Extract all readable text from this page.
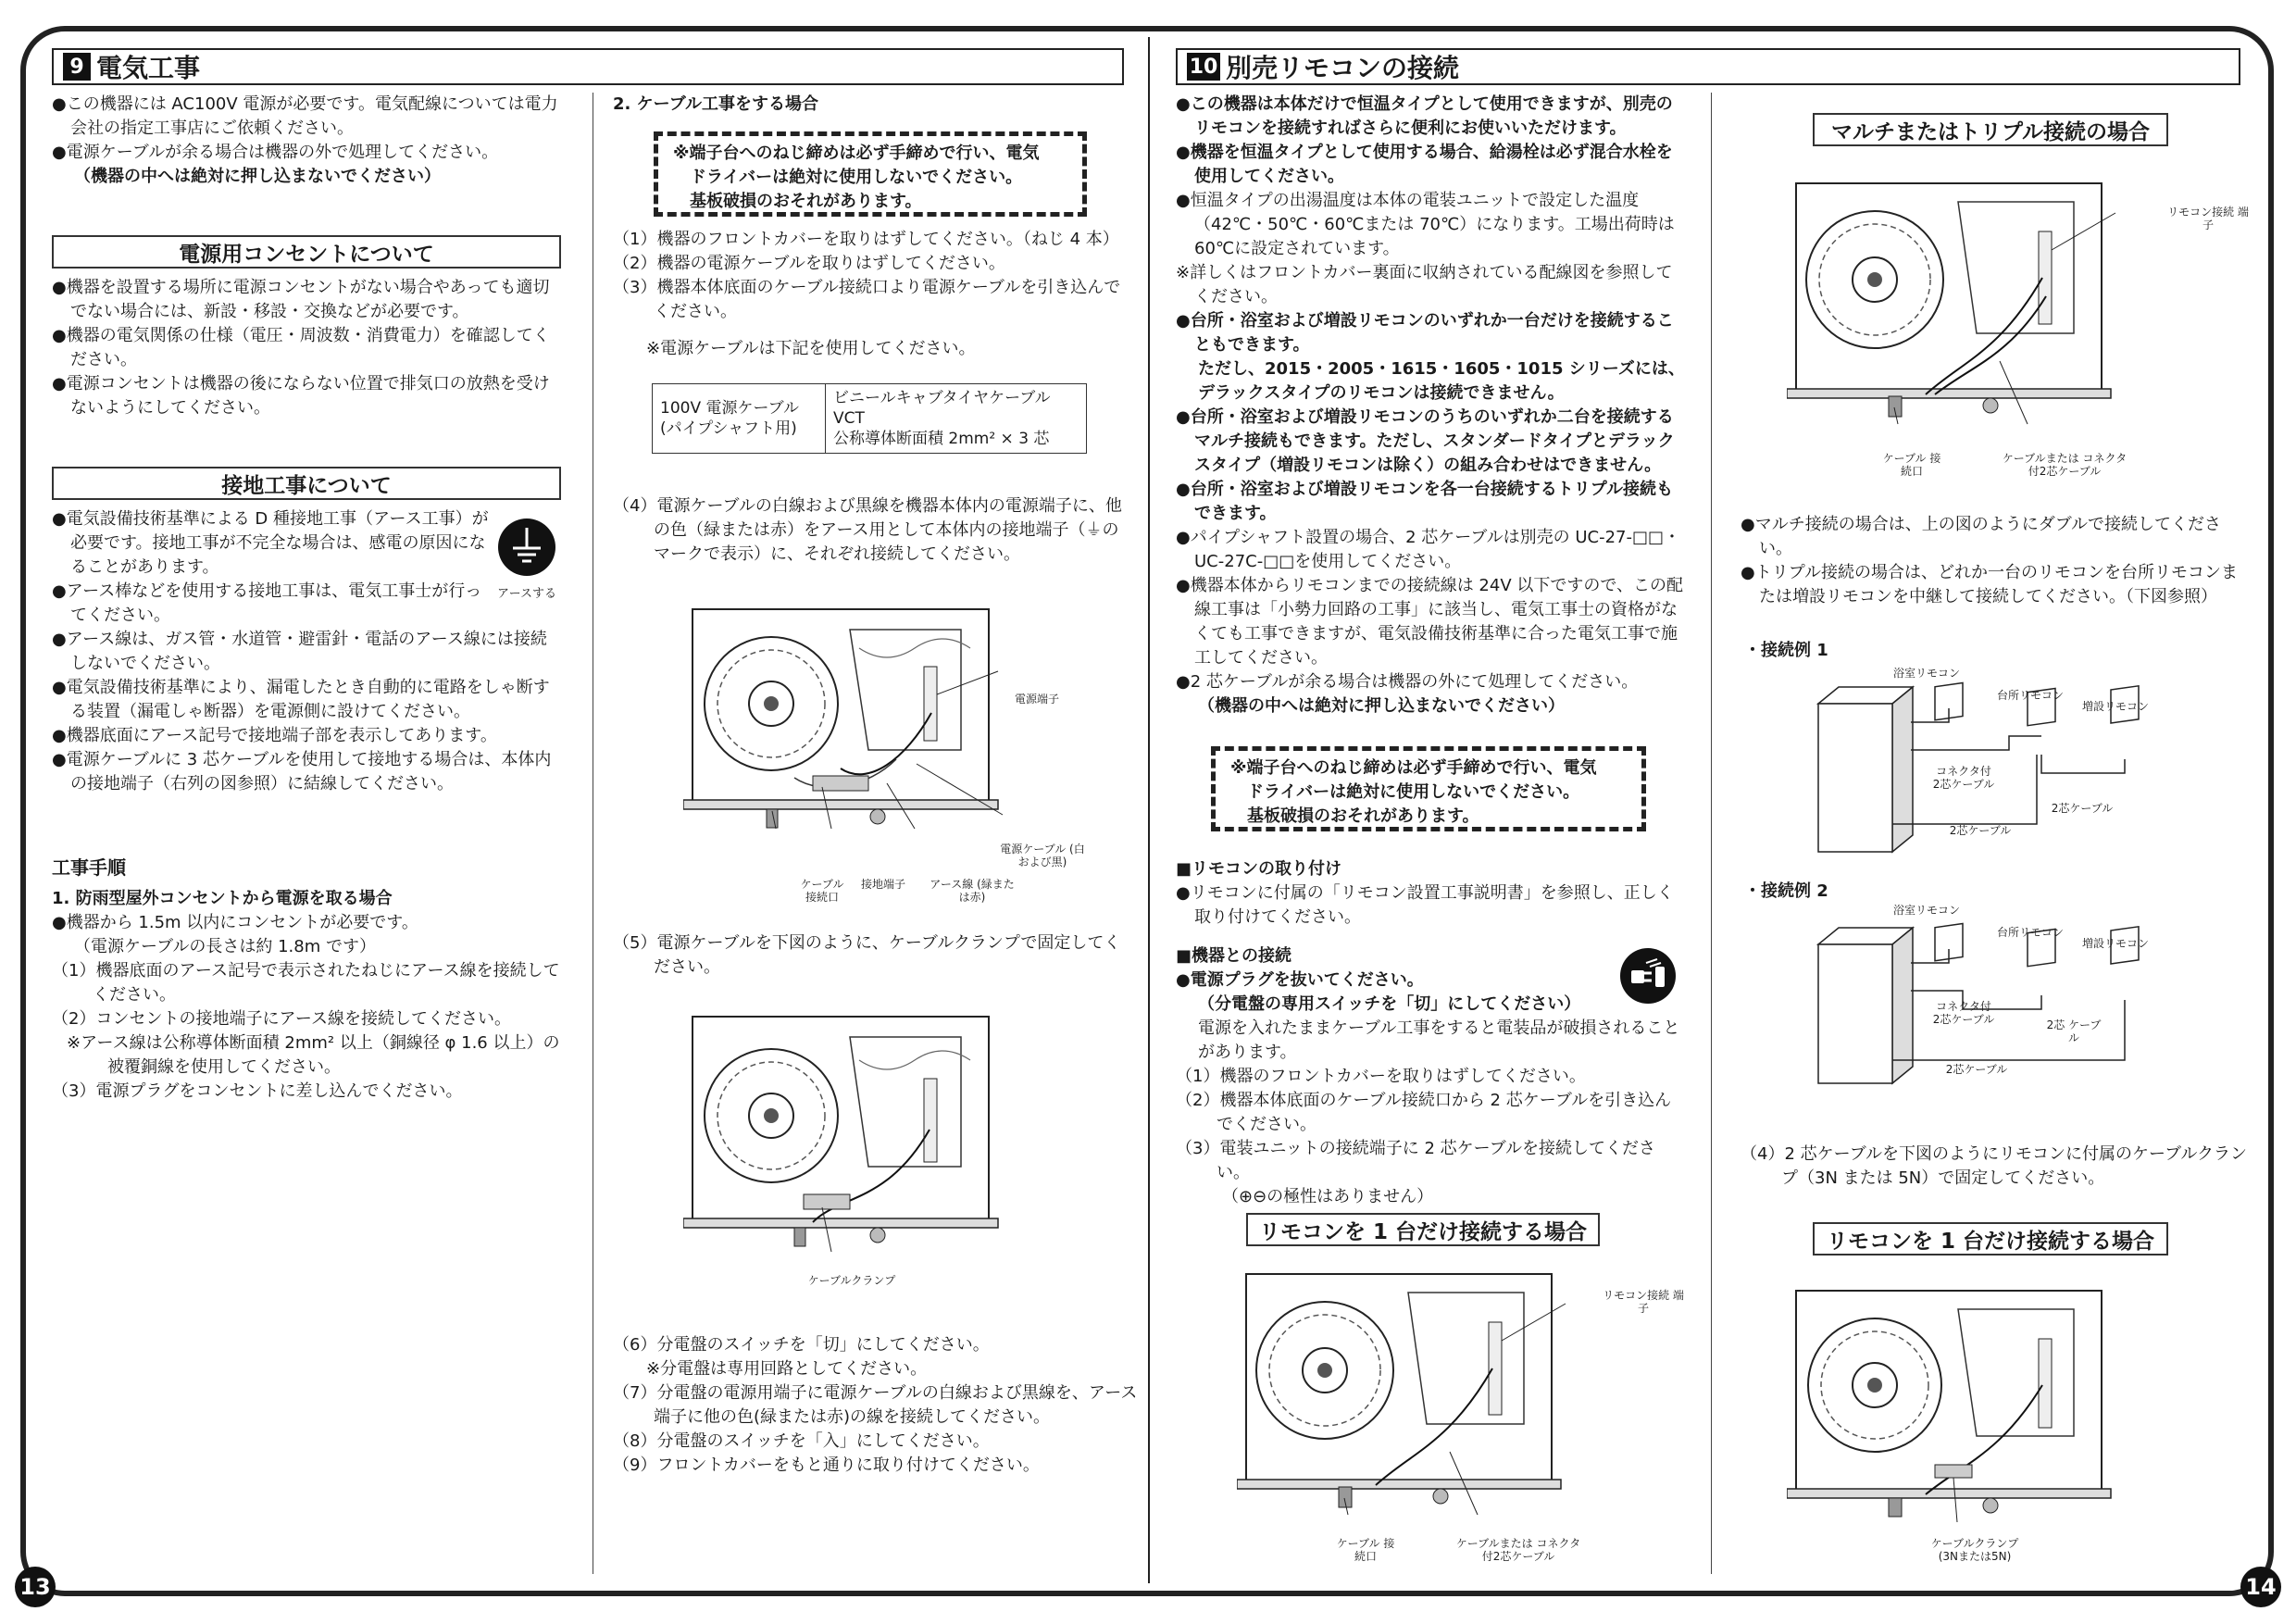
13	14
9 電気工事

●この機器には AC100V 電源が必要です。電気配線については電力会社の指定工事店にご依頼ください。

●電源ケーブルが余る場合は機器の外で処理してください。

（機器の中へは絶対に押し込まないでください）

電源用コンセントについて

●機器を設置する場所に電源コンセントがない場合やあっても適切でない場合には、新設・移設・交換などが必要です。

●機器の電気関係の仕様（電圧・周波数・消費電力）を確認してください。

●電源コンセントは機器の後にならない位置で排気口の放熱を受けないようにしてください。

接地工事について

●電気設備技術基準による D 種接地工事（アース工事）が必要です。接地工事が不完全な場合は、感電の原因になることがあります。

●アース棒などを使用する接地工事は、電気工事士が行ってください。

●アース線は、ガス管・水道管・避雷針・電話のアース線には接続しないでください。

●電気設備技術基準により、漏電したとき自動的に電路をしゃ断する装置（漏電しゃ断器）を電源側に設けてください。

●機器底面にアース記号で接地端子部を表示してあります。

●電源ケーブルに 3 芯ケーブルを使用して接地する場合は、本体内の接地端子（右列の図参照）に結線してください。

アースする

工事手順

1. 防雨型屋外コンセントから電源を取る場合

●機器から 1.5m 以内にコンセントが必要です。

（電源ケーブルの長さは約 1.8m です）

（1）機器底面のアース記号で表示されたねじにアース線を接続してください。

（2）コンセントの接地端子にアース線を接続してください。

※アース線は公称導体断面積 2mm² 以上（銅線径 φ 1.6 以上）の被覆銅線を使用してください。

（3）電源プラグをコンセントに差し込んでください。

2. ケーブル工事をする場合

※端子台へのねじ締めは必ず手締めで行い、電気
ドライバーは絶対に使用しないでください。
基板破損のおそれがあります。

（1）機器のフロントカバーを取りはずしてください。（ねじ 4 本）

（2）機器の電源ケーブルを取りはずしてください。

（3）機器本体底面のケーブル接続口より電源ケーブルを引き込んでください。

※電源ケーブルは下記を使用してください。

100V 電源ケーブル
(パイプシャフト用)

ビニールキャブタイヤケーブル
VCT
公称導体断面積 2mm² × 3 芯

（4）電源ケーブルの白線および黒線を機器本体内の電源端子に、他の色（緑または赤）をアース用として本体内の接地端子（⏚のマークで表示）に、それぞれ接続してください。

電源端子
電源ケーブル (白および黒)
ケーブル 接続口
接地端子	アース線 (緑または赤)

（5）電源ケーブルを下図のように、ケーブルクランプで固定してください。

ケーブルクランプ

（6）分電盤のスイッチを「切」にしてください。

※分電盤は専用回路としてください。

（7）分電盤の電源用端子に電源ケーブルの白線および黒線を、アース端子に他の色(緑または赤)の線を接続してください。

（8）分電盤のスイッチを「入」にしてください。

（9）フロントカバーをもと通りに取り付けてください。

10 別売リモコンの接続

●この機器は本体だけで恒温タイプとして使用できますが、別売のリモコンを接続すればさらに便利にお使いいただけます。

●機器を恒温タイプとして使用する場合、給湯栓は必ず混合水栓を使用してください。

●恒温タイプの出湯温度は本体の電装ユニットで設定した温度（42℃・50℃・60℃または 70℃）になります。工場出荷時は 60℃に設定されています。

※詳しくはフロントカバー裏面に収納されている配線図を参照してください。

●台所・浴室および増設リモコンのいずれか一台だけを接続することもできます。

ただし、2015・2005・1615・1605・1015 シリーズには、デラックスタイプのリモコンは接続できません。

●台所・浴室および増設リモコンのうちのいずれか二台を接続するマルチ接続もできます。ただし、スタンダードタイプとデラックスタイプ（増設リモコンは除く）の組み合わせはできません。

●台所・浴室および増設リモコンを各一台接続するトリプル接続もできます。

●パイプシャフト設置の場合、2 芯ケーブルは別売の UC-27-□□・UC-27C-□□を使用してください。

●機器本体からリモコンまでの接続線は 24V 以下ですので、この配線工事は「小勢力回路の工事」に該当し、電気工事士の資格がなくても工事できますが、電気設備技術基準に合った電気工事で施工してください。

●2 芯ケーブルが余る場合は機器の外にて処理してください。

（機器の中へは絶対に押し込まないでください）

※端子台へのねじ締めは必ず手締めで行い、電気
ドライバーは絶対に使用しないでください。
基板破損のおそれがあります。

■リモコンの取り付け

●リモコンに付属の「リモコン設置工事説明書」を参照し、正しく取り付けてください。

■機器との接続

●電源プラグを抜いてください。

（分電盤の専用スイッチを「切」にしてください）

電源を入れたままケーブル工事をすると電装品が破損されることがあります。

（1）機器のフロントカバーを取りはずしてください。

（2）機器本体底面のケーブル接続口から 2 芯ケーブルを引き込んでください。

（3）電装ユニットの接続端子に 2 芯ケーブルを接続してください。

（⊕⊖の極性はありません）

リモコンを 1 台だけ接続する場合
リモコン接続 端子
ケーブル 接続口
ケーブルまたは コネクタ付2芯ケーブル
マルチまたはトリプル接続の場合
リモコン接続 端子
ケーブル 接続口
ケーブルまたは コネクタ付2芯ケーブル

●マルチ接続の場合は、上の図のようにダブルで接続してください。

●トリプル接続の場合は、どれか一台のリモコンを台所リモコンまたは増設リモコンを中継して接続してください。（下図参照）

・接続例 1
浴室リモコン
台所リモコン
増設リモコン
コネクタ付 2芯ケーブル
2芯ケーブル
2芯ケーブル
・接続例 2
浴室リモコン
台所リモコン
増設リモコン
コネクタ付 2芯ケーブル	2芯 ケーブル
2芯ケーブル

（4）2 芯ケーブルを下図のようにリモコンに付属のケーブルクランプ（3N または 5N）で固定してください。

リモコンを 1 台だけ接続する場合
ケーブルクランプ (3Nまたは5N)
